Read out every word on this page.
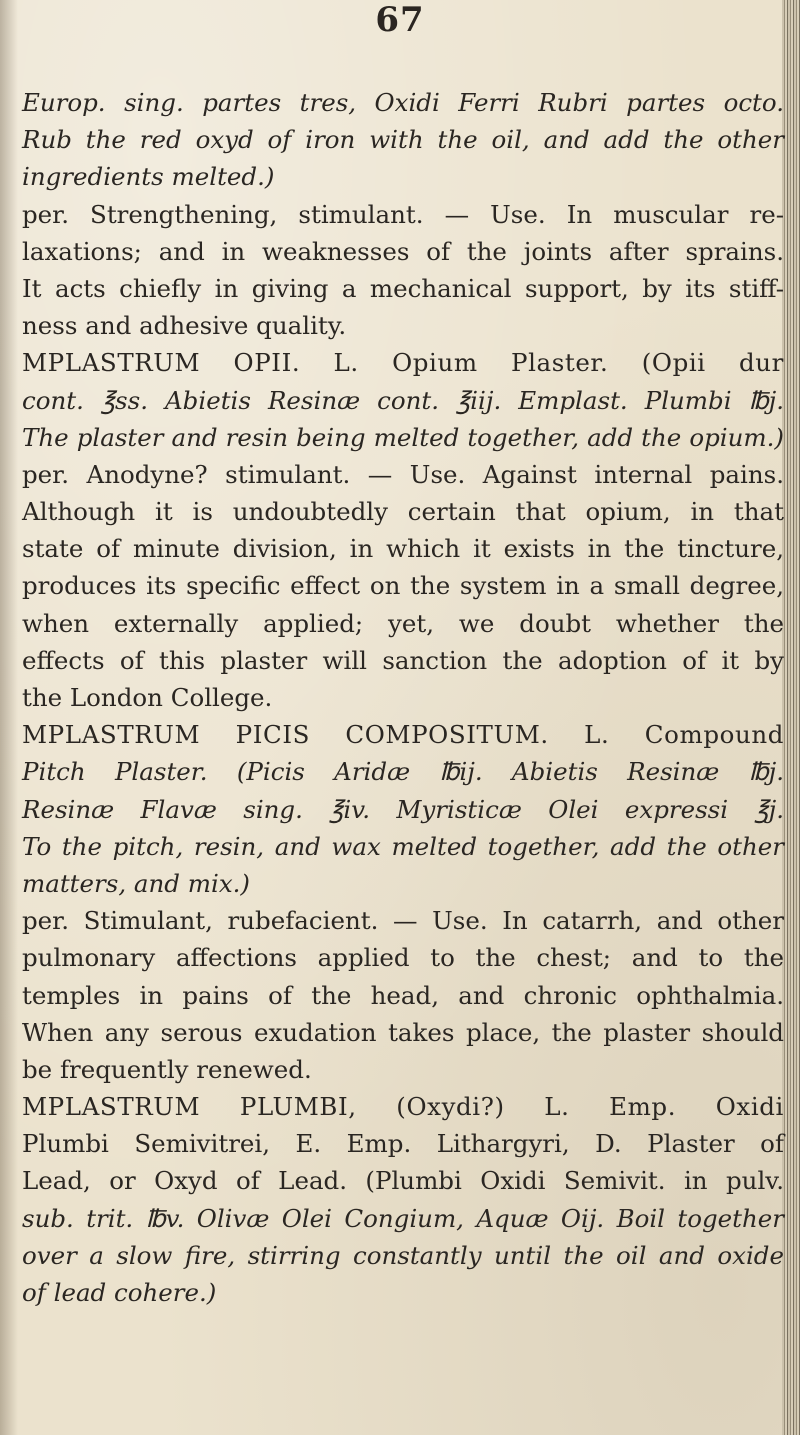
67
Europ. sing. partes tres, Oxidi Ferri Rubri partes octo.
Rub the red oxyd of iron with the oil, and add the other
ingredients melted.)
per. Strengthening, stimulant. — Use. In muscular re-
laxations; and in weaknesses of the joints after sprains.
It acts chiefly in giving a mechanical support, by its stiff-
ness and adhesive quality.
MPLASTRUM OPII. L. Opium Plaster. (Opii dur
cont. ℥ss. Abietis Resinæ cont. ℥iij. Emplast. Plumbi ℔j.
The plaster and resin being melted together, add the opium.)
per. Anodyne? stimulant. — Use. Against internal pains.
Although it is undoubtedly certain that opium, in that
state of minute division, in which it exists in the tincture,
produces its specific effect on the system in a small degree,
when externally applied; yet, we doubt whether the
effects of this plaster will sanction the adoption of it by
the London College.
MPLASTRUM PICIS COMPOSITUM. L. Compound
Pitch Plaster. (Picis Aridæ ℔ij. Abietis Resinæ ℔j.
Resinæ Flavæ sing. ℥iv. Myristicæ Olei expressi ℥j.
To the pitch, resin, and wax melted together, add the other
matters, and mix.)
per. Stimulant, rubefacient. — Use. In catarrh, and other
pulmonary affections applied to the chest; and to the
temples in pains of the head, and chronic ophthalmia.
When any serous exudation takes place, the plaster should
be frequently renewed.
MPLASTRUM PLUMBI, (Oxydi?) L. Emp. Oxidi
Plumbi Semivitrei, E. Emp. Lithargyri, D. Plaster of
Lead, or Oxyd of Lead. (Plumbi Oxidi Semivit. in pulv.
sub. trit. ℔v. Olivæ Olei Congium, Aquæ Oij. Boil together
over a slow fire, stirring constantly until the oil and oxide
of lead cohere.)
